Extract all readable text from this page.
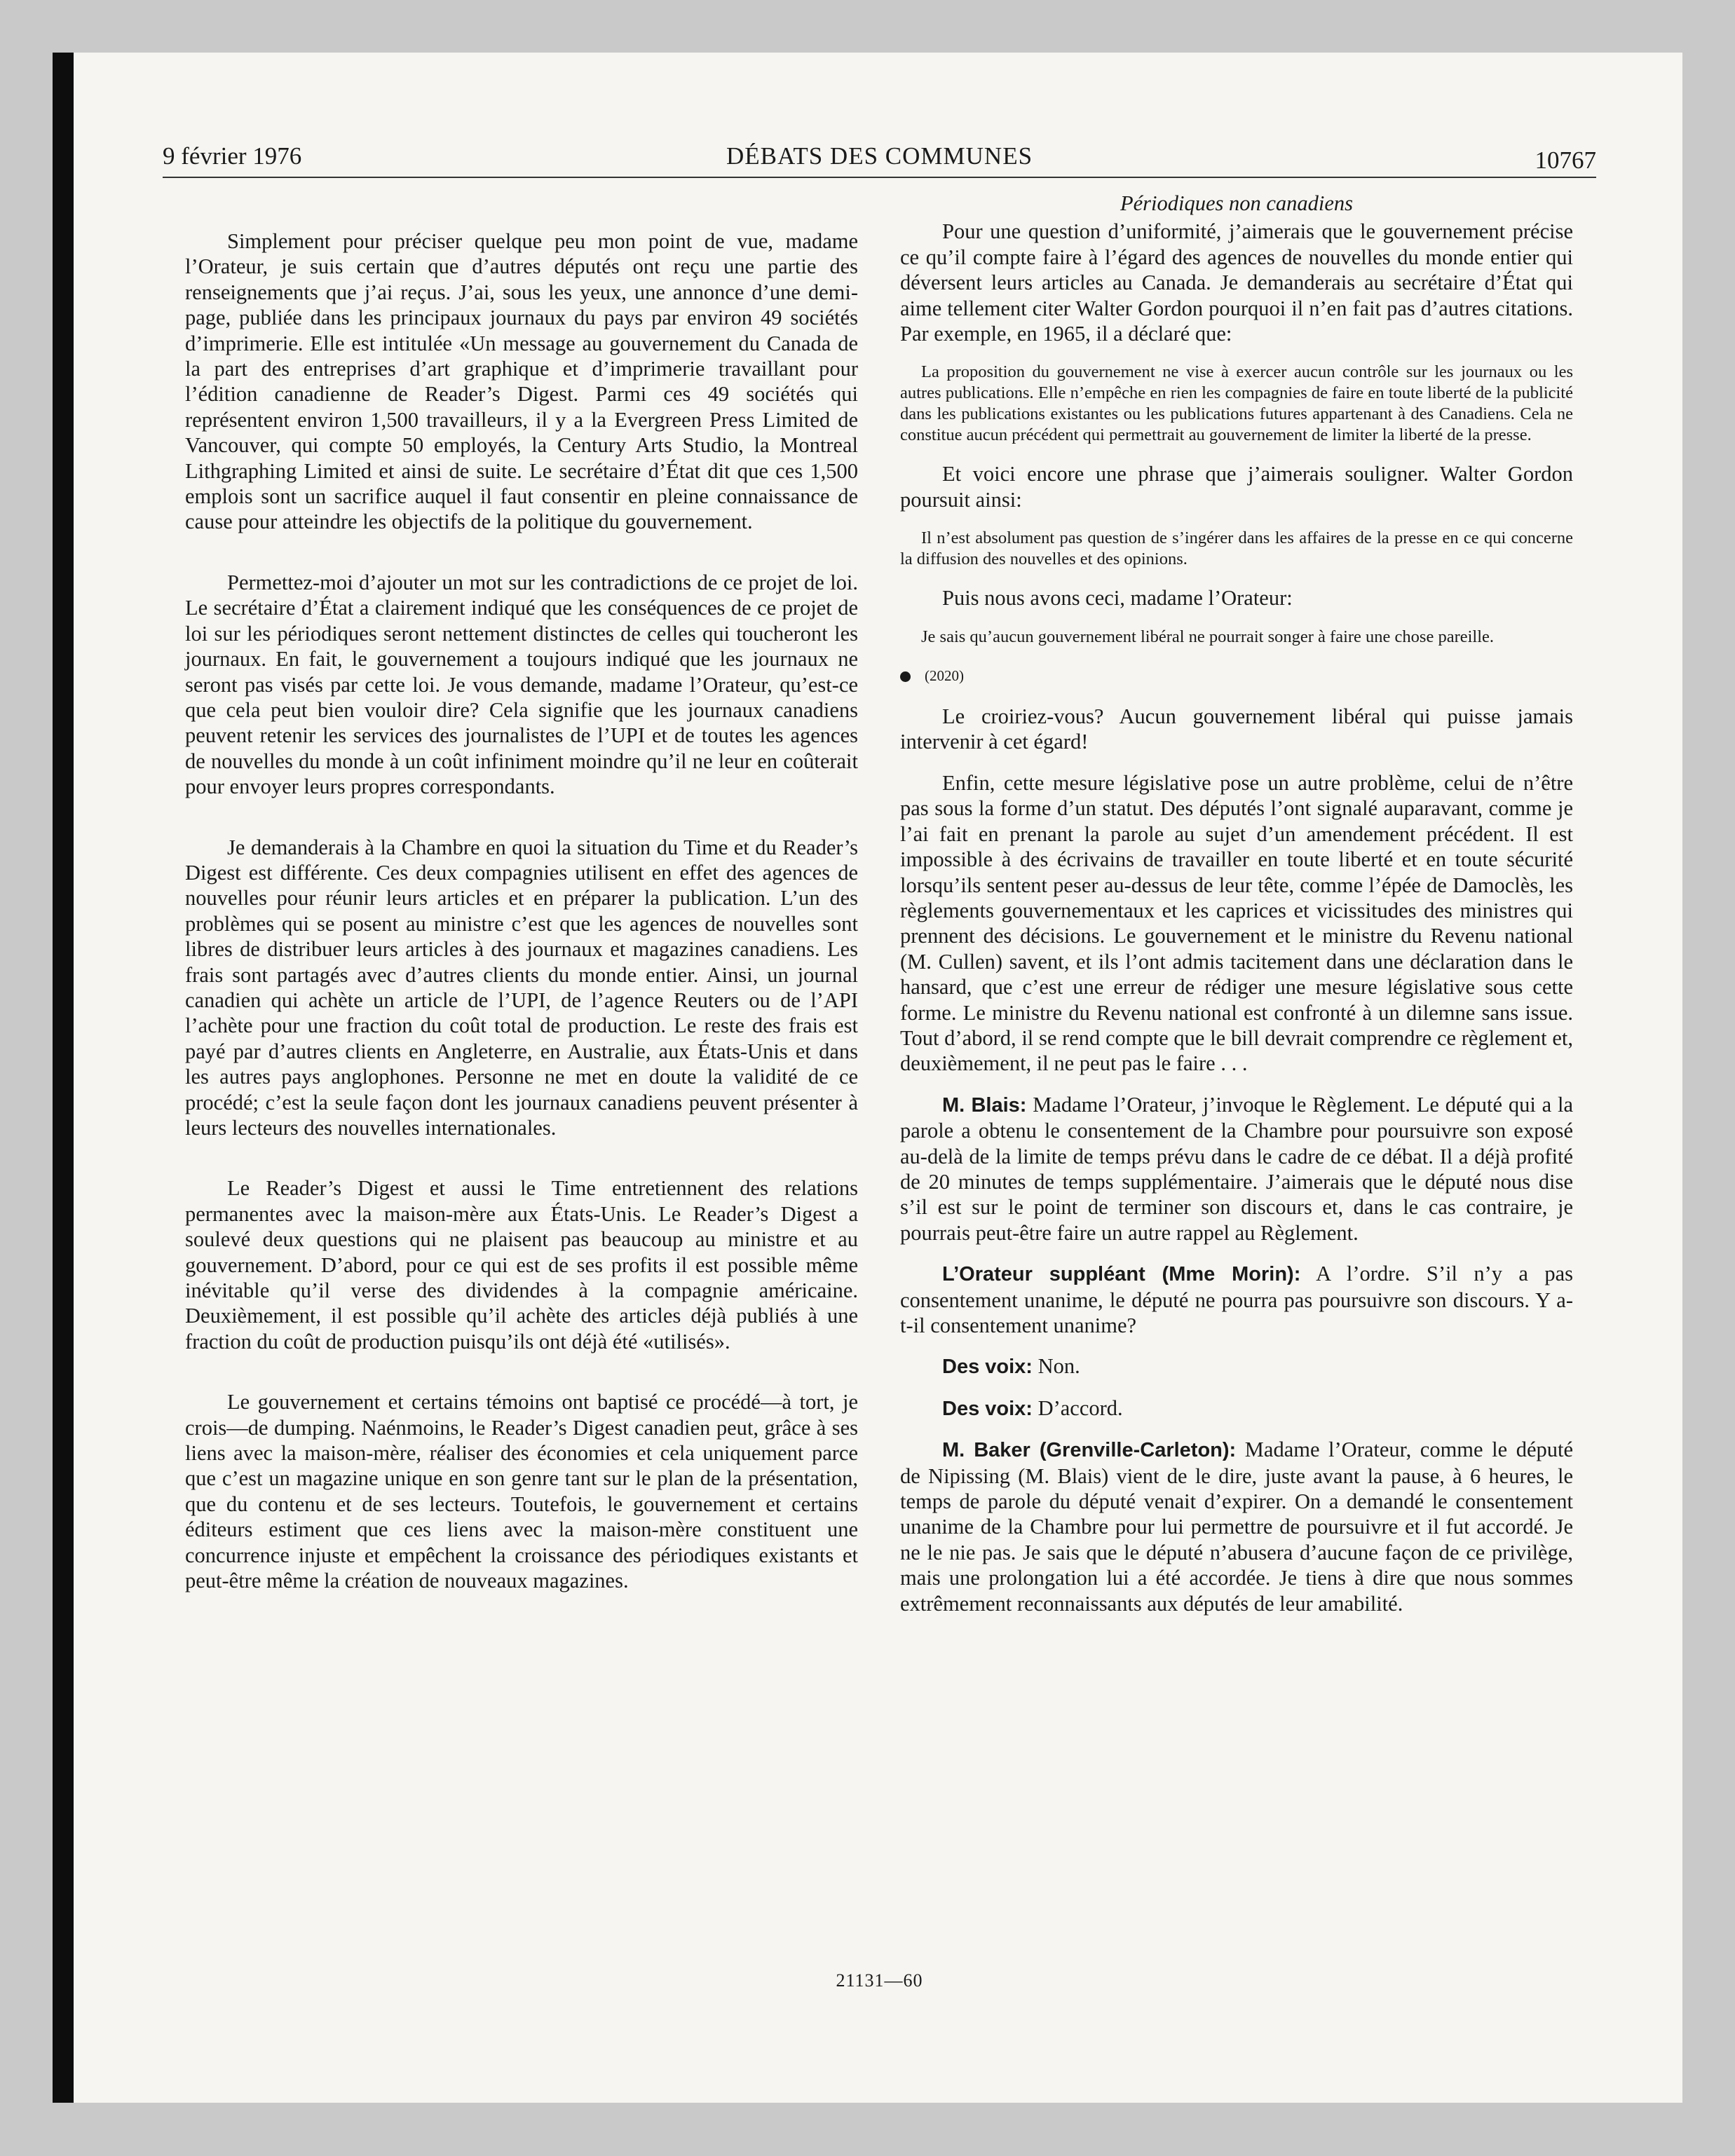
9 février 1976	DÉBATS DES COMMUNES	10767

Simplement pour préciser quelque peu mon point de vue, madame l’Orateur, je suis certain que d’autres députés ont reçu une partie des renseignements que j’ai reçus. J’ai, sous les yeux, une annonce d’une demi-page, publiée dans les principaux journaux du pays par environ 49 sociétés d’imprimerie. Elle est intitulée «Un message au gouvernement du Canada de la part des entreprises d’art graphique et d’imprimerie travaillant pour l’édition canadienne de Reader’s Digest. Parmi ces 49 sociétés qui représentent environ 1,500 travailleurs, il y a la Evergreen Press Limited de Vancouver, qui compte 50 employés, la Century Arts Studio, la Montreal Lithgraphing Limited et ainsi de suite. Le secrétaire d’État dit que ces 1,500 emplois sont un sacrifice auquel il faut consentir en pleine connaissance de cause pour atteindre les objectifs de la politique du gouvernement.

Permettez-moi d’ajouter un mot sur les contradictions de ce projet de loi. Le secrétaire d’État a clairement indiqué que les conséquences de ce projet de loi sur les périodiques seront nettement distinctes de celles qui toucheront les journaux. En fait, le gouvernement a toujours indiqué que les journaux ne seront pas visés par cette loi. Je vous demande, madame l’Orateur, qu’est-ce que cela peut bien vouloir dire? Cela signifie que les journaux canadiens peuvent retenir les services des journalistes de l’UPI et de toutes les agences de nouvelles du monde à un coût infiniment moindre qu’il ne leur en coûterait pour envoyer leurs propres correspondants.

Je demanderais à la Chambre en quoi la situation du Time et du Reader’s Digest est différente. Ces deux compagnies utilisent en effet des agences de nouvelles pour réunir leurs articles et en préparer la publication. L’un des problèmes qui se posent au ministre c’est que les agences de nouvelles sont libres de distribuer leurs articles à des journaux et magazines canadiens. Les frais sont partagés avec d’autres clients du monde entier. Ainsi, un journal canadien qui achète un article de l’UPI, de l’agence Reuters ou de l’API l’achète pour une fraction du coût total de production. Le reste des frais est payé par d’autres clients en Angleterre, en Australie, aux États-Unis et dans les autres pays anglophones. Personne ne met en doute la validité de ce procédé; c’est la seule façon dont les journaux canadiens peuvent présenter à leurs lecteurs des nouvelles internationales.

Le Reader’s Digest et aussi le Time entretiennent des relations permanentes avec la maison-mère aux États-Unis. Le Reader’s Digest a soulevé deux questions qui ne plaisent pas beaucoup au ministre et au gouvernement. D’abord, pour ce qui est de ses profits il est possible même inévitable qu’il verse des dividendes à la compagnie américaine. Deuxièmement, il est possible qu’il achète des articles déjà publiés à une fraction du coût de production puisqu’ils ont déjà été «utilisés».

Le gouvernement et certains témoins ont baptisé ce procédé—à tort, je crois—de dumping. Naénmoins, le Reader’s Digest canadien peut, grâce à ses liens avec la maison-mère, réaliser des économies et cela uniquement parce que c’est un magazine unique en son genre tant sur le plan de la présentation, que du contenu et de ses lecteurs. Toutefois, le gouvernement et certains éditeurs estiment que ces liens avec la maison-mère constituent une concurrence injuste et empêchent la croissance des périodiques existants et peut-être même la création de nouveaux magazines.

Périodiques non canadiens

Pour une question d’uniformité, j’aimerais que le gouvernement précise ce qu’il compte faire à l’égard des agences de nouvelles du monde entier qui déversent leurs articles au Canada. Je demanderais au secrétaire d’État qui aime tellement citer Walter Gordon pourquoi il n’en fait pas d’autres citations. Par exemple, en 1965, il a déclaré que:

La proposition du gouvernement ne vise à exercer aucun contrôle sur les journaux ou les autres publications. Elle n’empêche en rien les compagnies de faire en toute liberté de la publicité dans les publications existantes ou les publications futures appartenant à des Canadiens. Cela ne constitue aucun précédent qui permettrait au gouvernement de limiter la liberté de la presse.

Et voici encore une phrase que j’aimerais souligner. Walter Gordon poursuit ainsi:

Il n’est absolument pas question de s’ingérer dans les affaires de la presse en ce qui concerne la diffusion des nouvelles et des opinions.

Puis nous avons ceci, madame l’Orateur:

Je sais qu’aucun gouvernement libéral ne pourrait songer à faire une chose pareille.

(2020)

Le croiriez-vous? Aucun gouvernement libéral qui puisse jamais intervenir à cet égard!

Enfin, cette mesure législative pose un autre problème, celui de n’être pas sous la forme d’un statut. Des députés l’ont signalé auparavant, comme je l’ai fait en prenant la parole au sujet d’un amendement précédent. Il est impossible à des écrivains de travailler en toute liberté et en toute sécurité lorsqu’ils sentent peser au-dessus de leur tête, comme l’épée de Damoclès, les règlements gouvernementaux et les caprices et vicissitudes des ministres qui prennent des décisions. Le gouvernement et le ministre du Revenu national (M. Cullen) savent, et ils l’ont admis tacitement dans une déclaration dans le hansard, que c’est une erreur de rédiger une mesure législative sous cette forme. Le ministre du Revenu national est confronté à un dilemne sans issue. Tout d’abord, il se rend compte que le bill devrait comprendre ce règlement et, deuxièmement, il ne peut pas le faire . . .

M. Blais: Madame l’Orateur, j’invoque le Règlement. Le député qui a la parole a obtenu le consentement de la Chambre pour poursuivre son exposé au-delà de la limite de temps prévu dans le cadre de ce débat. Il a déjà profité de 20 minutes de temps supplémentaire. J’aimerais que le député nous dise s’il est sur le point de terminer son discours et, dans le cas contraire, je pourrais peut-être faire un autre rappel au Règlement.

L’Orateur suppléant (Mme Morin): A l’ordre. S’il n’y a pas consentement unanime, le député ne pourra pas poursuivre son discours. Y a-t-il consentement unanime?

Des voix: Non.

Des voix: D’accord.

M. Baker (Grenville-Carleton): Madame l’Orateur, comme le député de Nipissing (M. Blais) vient de le dire, juste avant la pause, à 6 heures, le temps de parole du député venait d’expirer. On a demandé le consentement unanime de la Chambre pour lui permettre de poursuivre et il fut accordé. Je ne le nie pas. Je sais que le député n’abusera d’aucune façon de ce privilège, mais une prolongation lui a été accordée. Je tiens à dire que nous sommes extrêmement reconnaissants aux députés de leur amabilité.

21131—60
